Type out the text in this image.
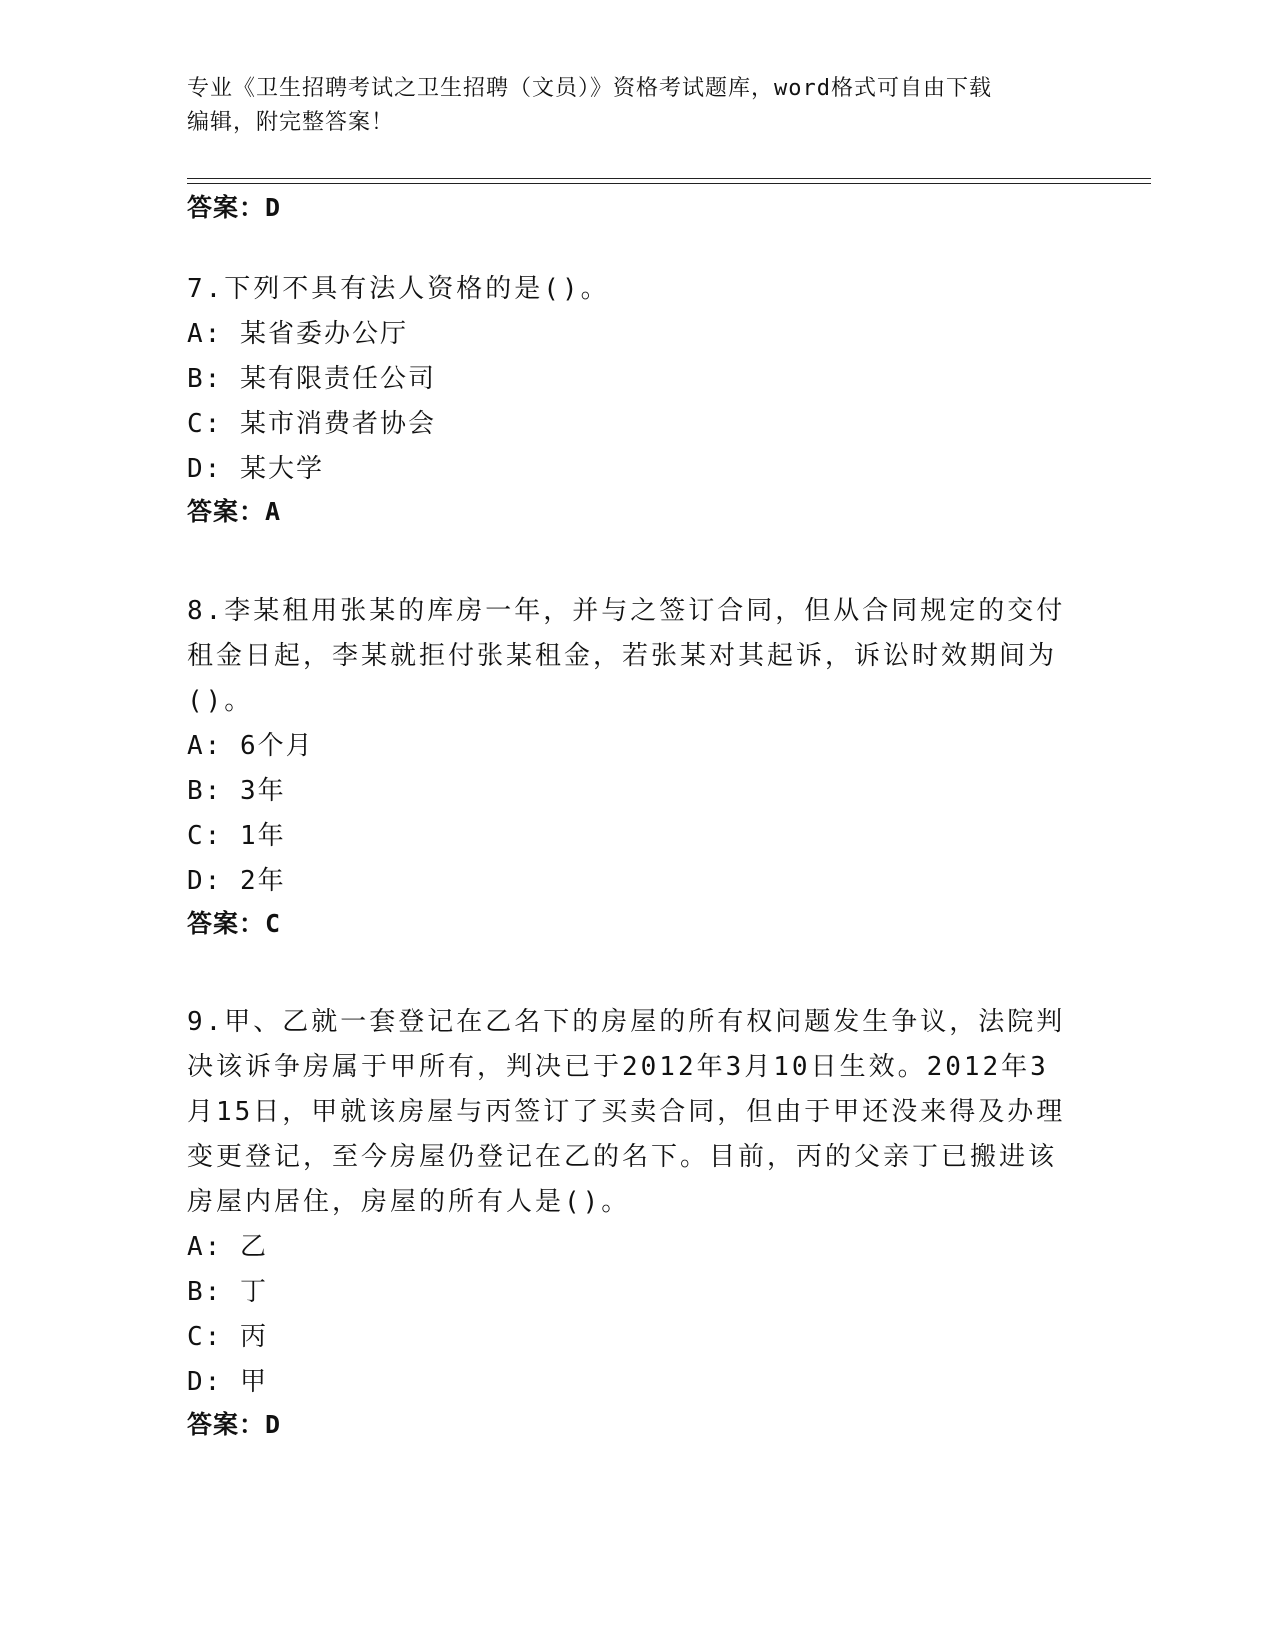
专业《卫生招聘考试之卫生招聘（文员）》资格考试题库，word格式可自由下载
编辑，附完整答案！
答案：D
7.下列不具有法人资格的是()。
A: 某省委办公厅
B: 某有限责任公司
C: 某市消费者协会
D: 某大学
答案：A
8.李某租用张某的库房一年，并与之签订合同，但从合同规定的交付
租金日起，李某就拒付张某租金，若张某对其起诉，诉讼时效期间为
()。
A: 6个月
B: 3年
C: 1年
D: 2年
答案：C
9.甲、乙就一套登记在乙名下的房屋的所有权问题发生争议，法院判
决该诉争房属于甲所有，判决已于2012年3月10日生效。2012年3
月15日，甲就该房屋与丙签订了买卖合同，但由于甲还没来得及办理
变更登记，至今房屋仍登记在乙的名下。目前，丙的父亲丁已搬进该
房屋内居住，房屋的所有人是()。
A: 乙
B: 丁
C: 丙
D: 甲
答案：D
